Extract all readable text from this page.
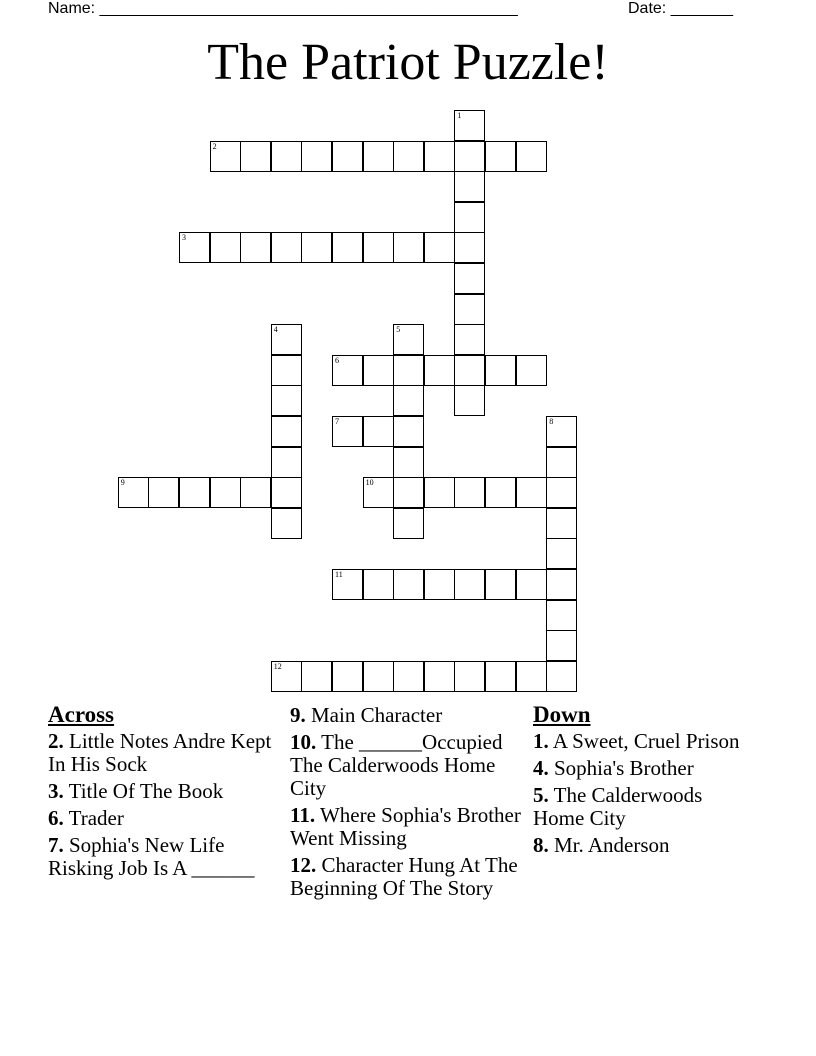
Name: _______________________________________________	Date: _______
The Patriot Puzzle!
1
2
3
4	5
6
7	8
9	10
11
12
Across
2. Little Notes Andre Kept In His Sock
3. Title Of The Book
6. Trader
7. Sophia's New Life Risking Job Is A ______
9. Main Character
10. The ______Occupied The Calderwoods Home City
11. Where Sophia's Brother Went Missing
12. Character Hung At The Beginning Of The Story
Down
1. A Sweet, Cruel Prison
4. Sophia's Brother
5. The Calderwoods Home City
8. Mr. Anderson
